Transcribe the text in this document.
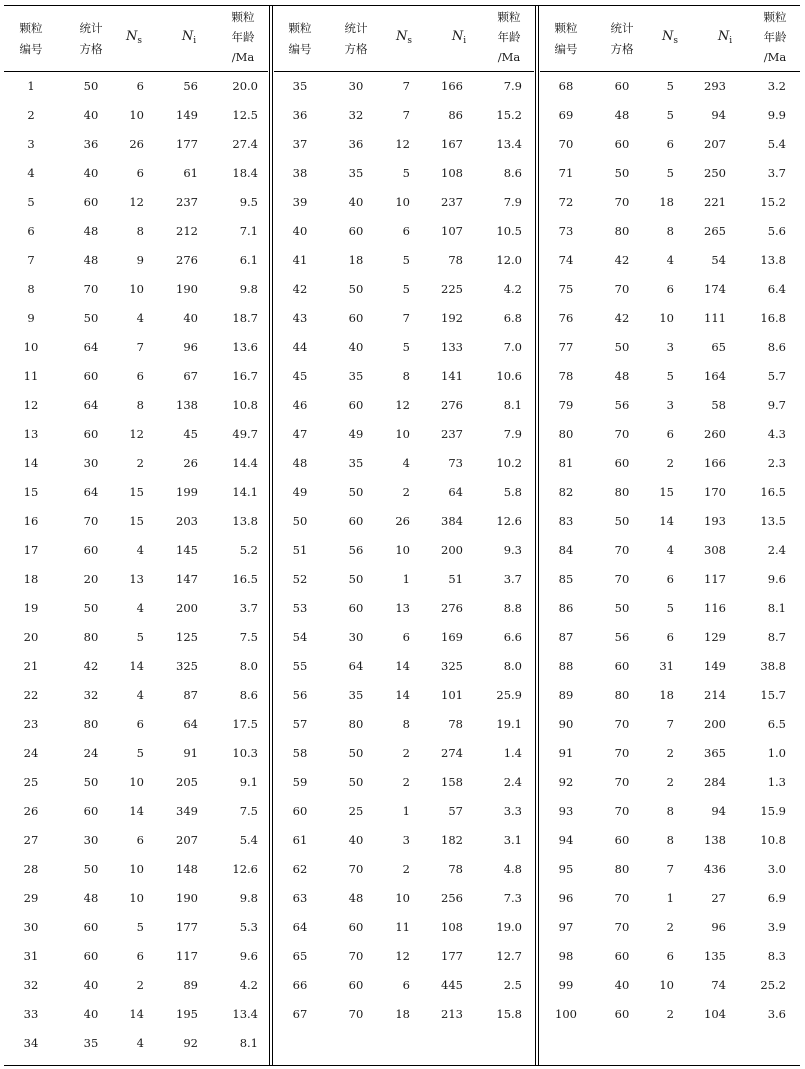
颗粒
编号
统计
方格
$N_s$	$N_i$
颗粒
年龄
/Ma
1	50	6	56	20.0
2	40	10	149	12.5
3	36	26	177	27.4
4	40	6	61	18.4
5	60	12	237	9.5
6	48	8	212	7.1
7	48	9	276	6.1
8	70	10	190	9.8
9	50	4	40	18.7
10	64	7	96	13.6
11	60	6	67	16.7
12	64	8	138	10.8
13	60	12	45	49.7
14	30	2	26	14.4
15	64	15	199	14.1
16	70	15	203	13.8
17	60	4	145	5.2
18	20	13	147	16.5
19	50	4	200	3.7
20	80	5	125	7.5
21	42	14	325	8.0
22	32	4	87	8.6
23	80	6	64	17.5
24	24	5	91	10.3
25	50	10	205	9.1
26	60	14	349	7.5
27	30	6	207	5.4
28	50	10	148	12.6
29	48	10	190	9.8
30	60	5	177	5.3
31	60	6	117	9.6
32	40	2	89	4.2
33	40	14	195	13.4
34	35	4	92	8.1
颗粒
编号
统计
方格
$N_s$	$N_i$
颗粒
年龄
/Ma
35	30	7	166	7.9
36	32	7	86	15.2
37	36	12	167	13.4
38	35	5	108	8.6
39	40	10	237	7.9
40	60	6	107	10.5
41	18	5	78	12.0
42	50	5	225	4.2
43	60	7	192	6.8
44	40	5	133	7.0
45	35	8	141	10.6
46	60	12	276	8.1
47	49	10	237	7.9
48	35	4	73	10.2
49	50	2	64	5.8
50	60	26	384	12.6
51	56	10	200	9.3
52	50	1	51	3.7
53	60	13	276	8.8
54	30	6	169	6.6
55	64	14	325	8.0
56	35	14	101	25.9
57	80	8	78	19.1
58	50	2	274	1.4
59	50	2	158	2.4
60	25	1	57	3.3
61	40	3	182	3.1
62	70	2	78	4.8
63	48	10	256	7.3
64	60	11	108	19.0
65	70	12	177	12.7
66	60	6	445	2.5
67	70	18	213	15.8
颗粒
编号
统计
方格
$N_s$	$N_i$
颗粒
年龄
/Ma
68	60	5	293	3.2
69	48	5	94	9.9
70	60	6	207	5.4
71	50	5	250	3.7
72	70	18	221	15.2
73	80	8	265	5.6
74	42	4	54	13.8
75	70	6	174	6.4
76	42	10	111	16.8
77	50	3	65	8.6
78	48	5	164	5.7
79	56	3	58	9.7
80	70	6	260	4.3
81	60	2	166	2.3
82	80	15	170	16.5
83	50	14	193	13.5
84	70	4	308	2.4
85	70	6	117	9.6
86	50	5	116	8.1
87	56	6	129	8.7
88	60	31	149	38.8
89	80	18	214	15.7
90	70	7	200	6.5
91	70	2	365	1.0
92	70	2	284	1.3
93	70	8	94	15.9
94	60	8	138	10.8
95	80	7	436	3.0
96	70	1	27	6.9
97	70	2	96	3.9
98	60	6	135	8.3
99	40	10	74	25.2
100	60	2	104	3.6
